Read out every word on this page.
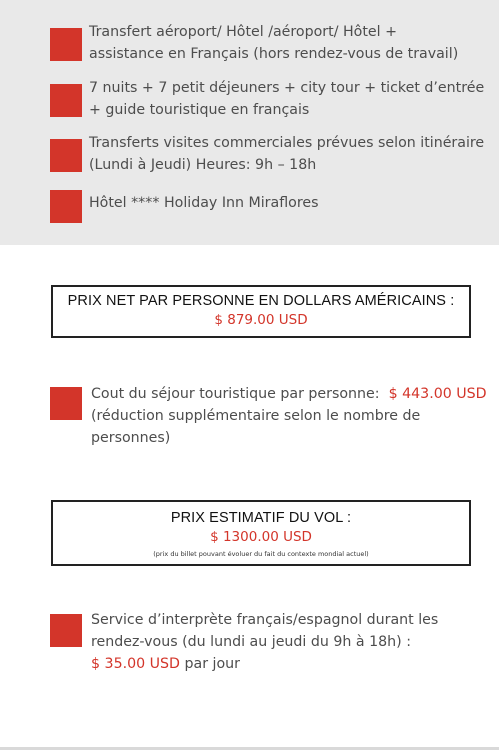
Transfert aéroport/ Hôtel /aéroport/ Hôtel +
assistance en Français (hors rendez-vous de travail)
7 nuits + 7 petit déjeuners + city tour + ticket d’entrée
+ guide touristique en français
Transferts visites commerciales prévues selon itinéraire
(Lundi à Jeudi) Heures: 9h – 18h
Hôtel **** Holiday Inn Miraflores
PRIX NET PAR PERSONNE EN DOLLARS AMÉRICAINS :
$ 879.00 USD
Cout du séjour touristique par personne: $ 443.00 USD
(réduction supplémentaire selon le nombre de
personnes)
PRIX ESTIMATIF DU VOL :
$ 1300.00 USD
(prix du billet pouvant évoluer du fait du contexte mondial actuel)
Service d’interprète français/espagnol durant les
rendez-vous (du lundi au jeudi du 9h à 18h) :
$ 35.00 USD par jour
